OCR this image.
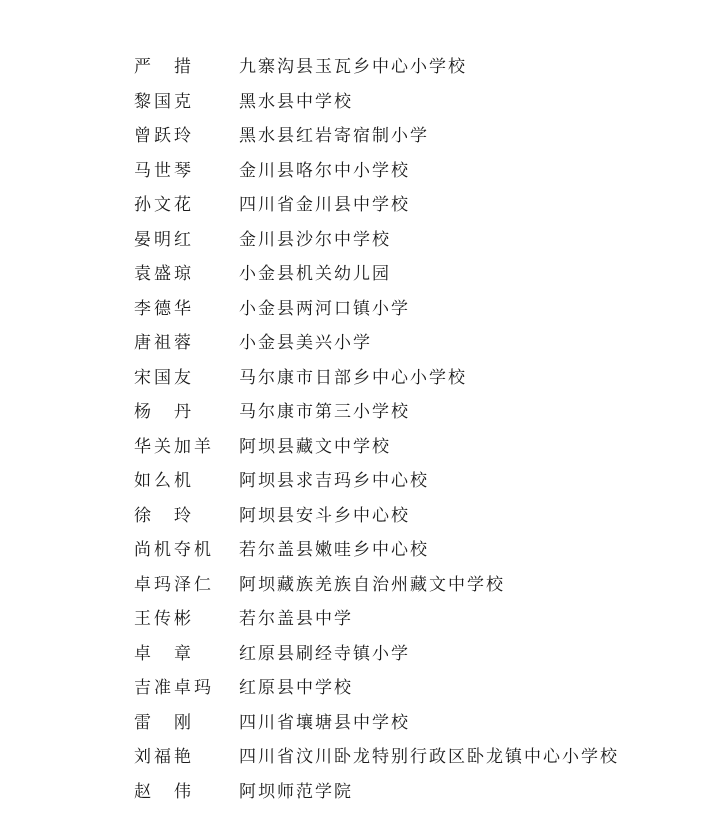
严　措	九寨沟县玉瓦乡中心小学校
黎国克	黑水县中学校
曾跃玲	黑水县红岩寄宿制小学
马世琴	金川县咯尔中小学校
孙文花	四川省金川县中学校
晏明红	金川县沙尔中学校
袁盛琼	小金县机关幼儿园
李德华	小金县两河口镇小学
唐祖蓉	小金县美兴小学
宋国友	马尔康市日部乡中心小学校
杨　丹	马尔康市第三小学校
华关加羊	阿坝县藏文中学校
如么机	阿坝县求吉玛乡中心校
徐　玲	阿坝县安斗乡中心校
尚机夺机	若尔盖县嫩哇乡中心校
卓玛泽仁	阿坝藏族羌族自治州藏文中学校
王传彬	若尔盖县中学
卓　章	红原县刷经寺镇小学
吉准卓玛	红原县中学校
雷　刚	四川省壤塘县中学校
刘福艳	四川省汶川卧龙特别行政区卧龙镇中心小学校
赵　伟	阿坝师范学院
